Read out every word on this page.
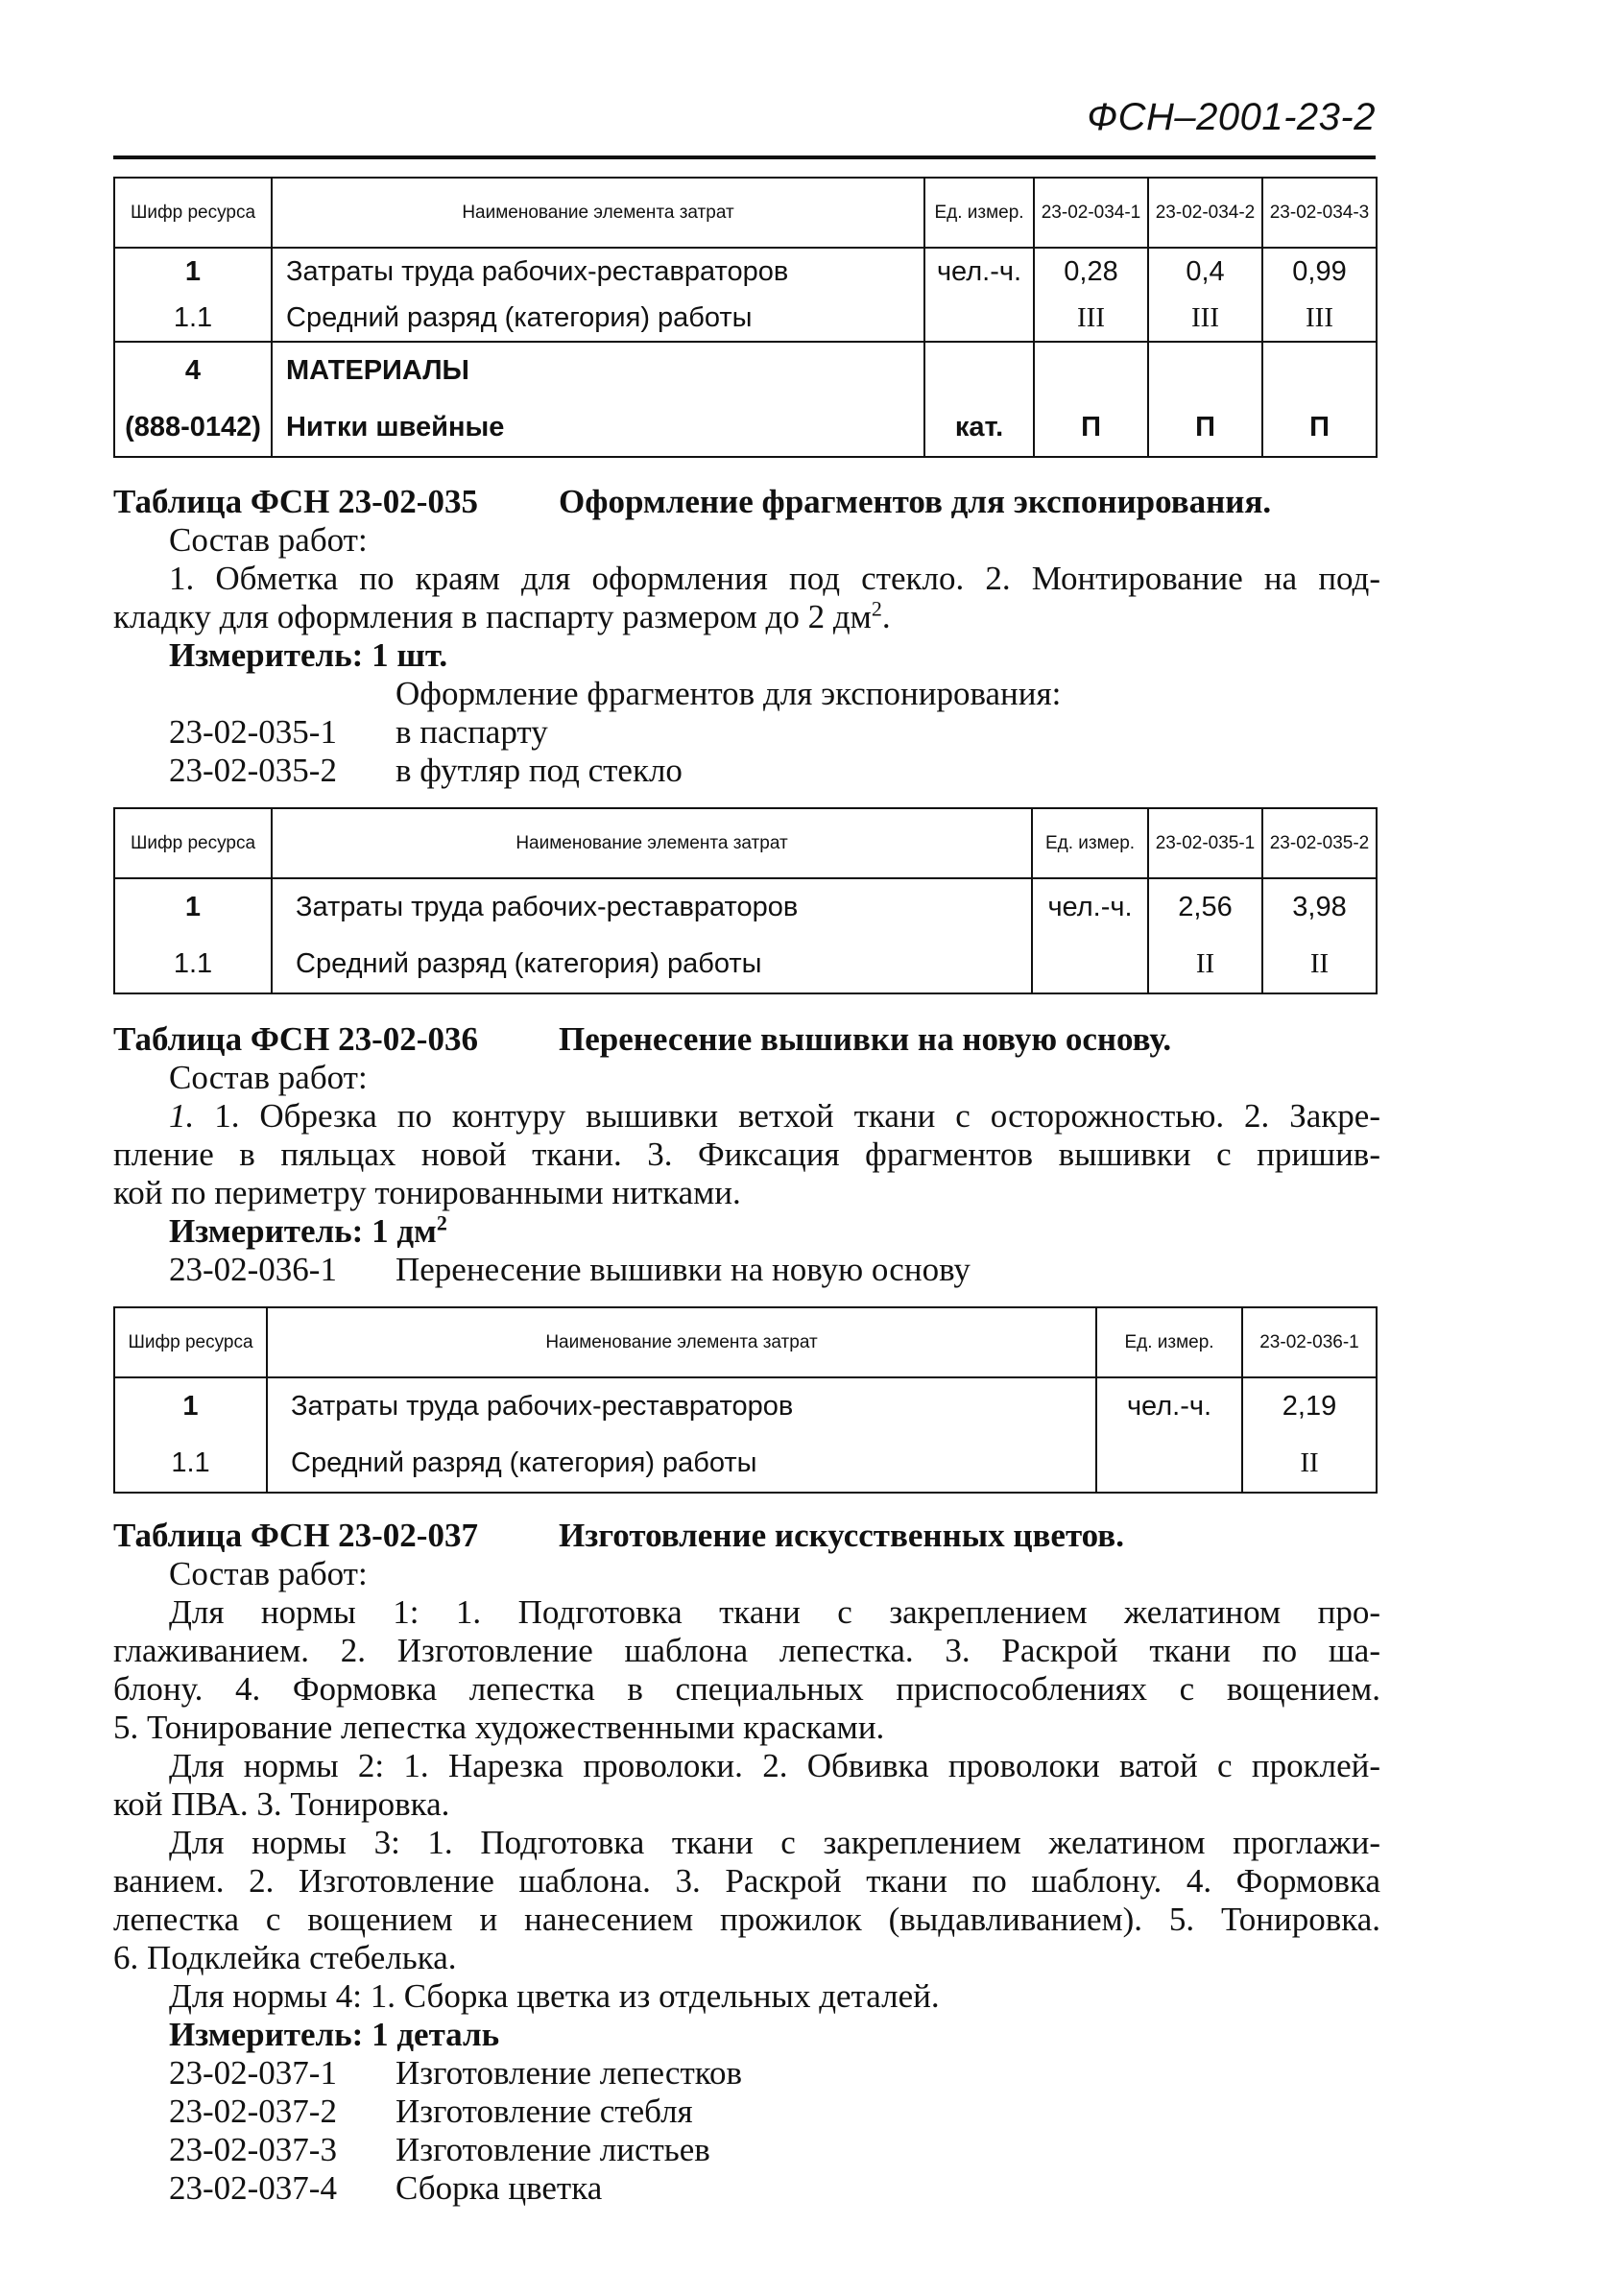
ФСН–2001-23-2
Шифр ресурса	Наименование элемента затрат	Ед. измер.	23-02-034-1	23-02-034-2	23-02-034-3
1	Затраты труда рабочих-реставраторов	чел.-ч.	0,28	0,4	0,99
1.1	Средний разряд (категория) работы		III	III	III
4	МАТЕРИАЛЫ				
(888-0142)	Нитки швейные	кат.	П	П	П
Таблица ФСН 23-02-035 Оформление фрагментов для экспонирования.
Состав работ:
1. Обметка по краям для оформления под стекло. 2. Монтирование на под-
кладку для оформления в паспарту размером до 2 $дм^2$.
Измеритель: 1 шт.
Оформление фрагментов для экспонирования:
23-02-035-1 в паспарту
23-02-035-2 в футляр под стекло
Шифр ресурса	Наименование элемента затрат	Ед. измер.	23-02-035-1	23-02-035-2
1	Затраты труда рабочих-реставраторов	чел.-ч.	2,56	3,98
1.1	Средний разряд (категория) работы		II	II
Таблица ФСН 23-02-036 Перенесение вышивки на новую основу.
Состав работ:
1. 1. Обрезка по контуру вышивки ветхой ткани с осторожностью. 2. Закре-
пление в пяльцах новой ткани. 3. Фиксация фрагментов вышивки с пришив-
кой по периметру тонированными нитками.
Измеритель: 1 $дм^2$
23-02-036-1 Перенесение вышивки на новую основу
Шифр ресурса	Наименование элемента затрат	Ед. измер.	23-02-036-1
1	Затраты труда рабочих-реставраторов	чел.-ч.	2,19
1.1	Средний разряд (категория) работы		II
Таблица ФСН 23-02-037 Изготовление искусственных цветов.
Состав работ:
Для нормы 1: 1. Подготовка ткани с закреплением желатином про-
глаживанием. 2. Изготовление шаблона лепестка. 3. Раскрой ткани по ша-
блону. 4. Формовка лепестка в специальных приспособлениях с вощением.
5. Тонирование лепестка художественными красками.
Для нормы 2: 1. Нарезка проволоки. 2. Обвивка проволоки ватой с проклей-
кой ПВА. 3. Тонировка.
Для нормы 3: 1. Подготовка ткани с закреплением желатином проглажи-
ванием. 2. Изготовление шаблона. 3. Раскрой ткани по шаблону. 4. Формовка
лепестка с вощением и нанесением прожилок (выдавливанием). 5. Тонировка.
6. Подклейка стебелька.
Для нормы 4: 1. Сборка цветка из отдельных деталей.
Измеритель: 1 деталь
23-02-037-1 Изготовление лепестков
23-02-037-2 Изготовление стебля
23-02-037-3 Изготовление листьев
23-02-037-4 Сборка цветка
